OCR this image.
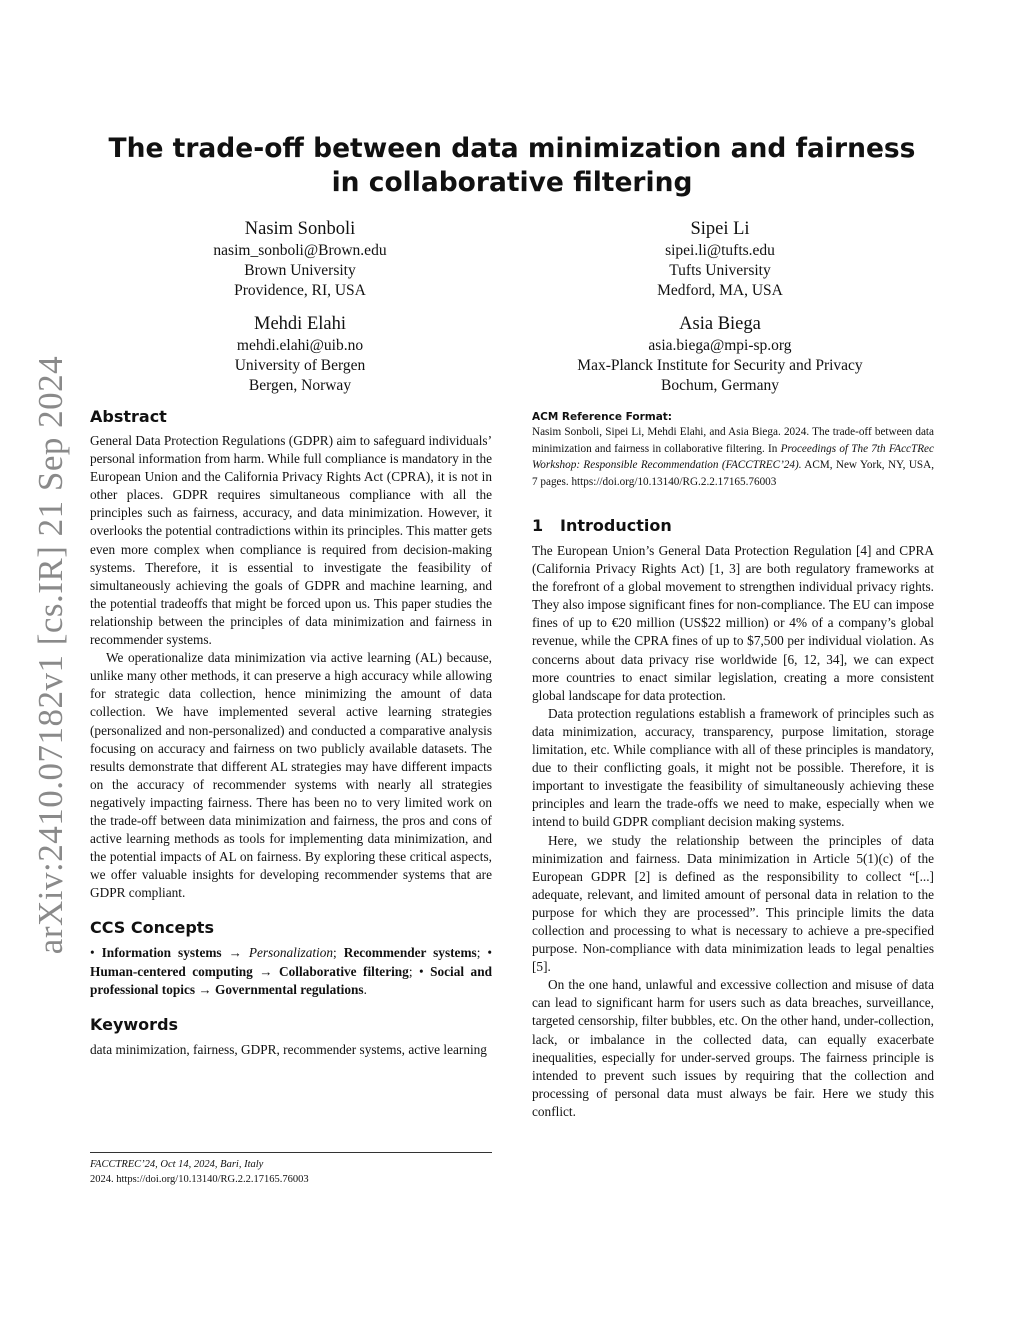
arXiv:2410.07182v1 [cs.IR] 21 Sep 2024
The trade-off between data minimization and fairness in collaborative filtering
Nasim Sonboli
nasim_sonboli@Brown.edu
Brown University
Providence, RI, USA
Sipei Li
sipei.li@tufts.edu
Tufts University
Medford, MA, USA
Mehdi Elahi
mehdi.elahi@uib.no
University of Bergen
Bergen, Norway
Asia Biega
asia.biega@mpi-sp.org
Max-Planck Institute for Security and Privacy
Bochum, Germany
Abstract

General Data Protection Regulations (GDPR) aim to safeguard individuals’ personal information from harm. While full compliance is mandatory in the European Union and the California Privacy Rights Act (CPRA), it is not in other places. GDPR requires simultaneous compliance with all the principles such as fairness, accuracy, and data minimization. However, it overlooks the potential contradictions within its principles. This matter gets even more complex when compliance is required from decision-making systems. Therefore, it is essential to investigate the feasibility of simultaneously achieving the goals of GDPR and machine learning, and the potential tradeoffs that might be forced upon us. This paper studies the relationship between the principles of data minimization and fairness in recommender systems.

We operationalize data minimization via active learning (AL) because, unlike many other methods, it can preserve a high accuracy while allowing for strategic data collection, hence minimizing the amount of data collection. We have implemented several active learning strategies (personalized and non-personalized) and conducted a comparative analysis focusing on accuracy and fairness on two publicly available datasets. The results demonstrate that different AL strategies may have different impacts on the accuracy of recommender systems with nearly all strategies negatively impacting fairness. There has been no to very limited work on the trade-off between data minimization and fairness, the pros and cons of active learning methods as tools for implementing data minimization, and the potential impacts of AL on fairness. By exploring these critical aspects, we offer valuable insights for developing recommender systems that are GDPR compliant.

CCS Concepts
• Information systems → Personalization; Recommender systems; • Human-centered computing → Collaborative filtering; • Social and professional topics → Governmental regulations.
Keywords

data minimization, fairness, GDPR, recommender systems, active learning

FACCTREC’24, Oct 14, 2024, Bari, Italy
2024. https://doi.org/10.13140/RG.2.2.17165.76003
ACM Reference Format:
Nasim Sonboli, Sipei Li, Mehdi Elahi, and Asia Biega. 2024. The trade-off between data minimization and fairness in collaborative filtering. In Proceedings of The 7th FAccTRec Workshop: Responsible Recommendation (FACCTREC’24). ACM, New York, NY, USA, 7 pages. https://doi.org/10.13140/RG.2.2.17165.76003
1 Introduction

The European Union’s General Data Protection Regulation [4] and CPRA (California Privacy Rights Act) [1, 3] are both regulatory frameworks at the forefront of a global movement to strengthen individual privacy rights. They also impose significant fines for non-compliance. The EU can impose fines of up to €20 million (US$22 million) or 4% of a company’s global revenue, while the CPRA fines of up to $7,500 per individual violation. As concerns about data privacy rise worldwide [6, 12, 34], we can expect more countries to enact similar legislation, creating a more consistent global landscape for data protection.

Data protection regulations establish a framework of principles such as data minimization, accuracy, transparency, purpose limitation, storage limitation, etc. While compliance with all of these principles is mandatory, due to their conflicting goals, it might not be possible. Therefore, it is important to investigate the feasibility of simultaneously achieving these principles and learn the trade-offs we need to make, especially when we intend to build GDPR compliant decision making systems.

Here, we study the relationship between the principles of data minimization and fairness. Data minimization in Article 5(1)(c) of the European GDPR [2] is defined as the responsibility to collect “[...] adequate, relevant, and limited amount of personal data in relation to the purpose for which they are processed”. This principle limits the data collection and processing to what is necessary to achieve a pre-specified purpose. Non-compliance with data minimization leads to legal penalties [5].

On the one hand, unlawful and excessive collection and misuse of data can lead to significant harm for users such as data breaches, surveillance, targeted censorship, filter bubbles, etc. On the other hand, under-collection, lack, or imbalance in the collected data, can equally exacerbate inequalities, especially for under-served groups. The fairness principle is intended to prevent such issues by requiring that the collection and processing of personal data must always be fair. Here we study this conflict.
